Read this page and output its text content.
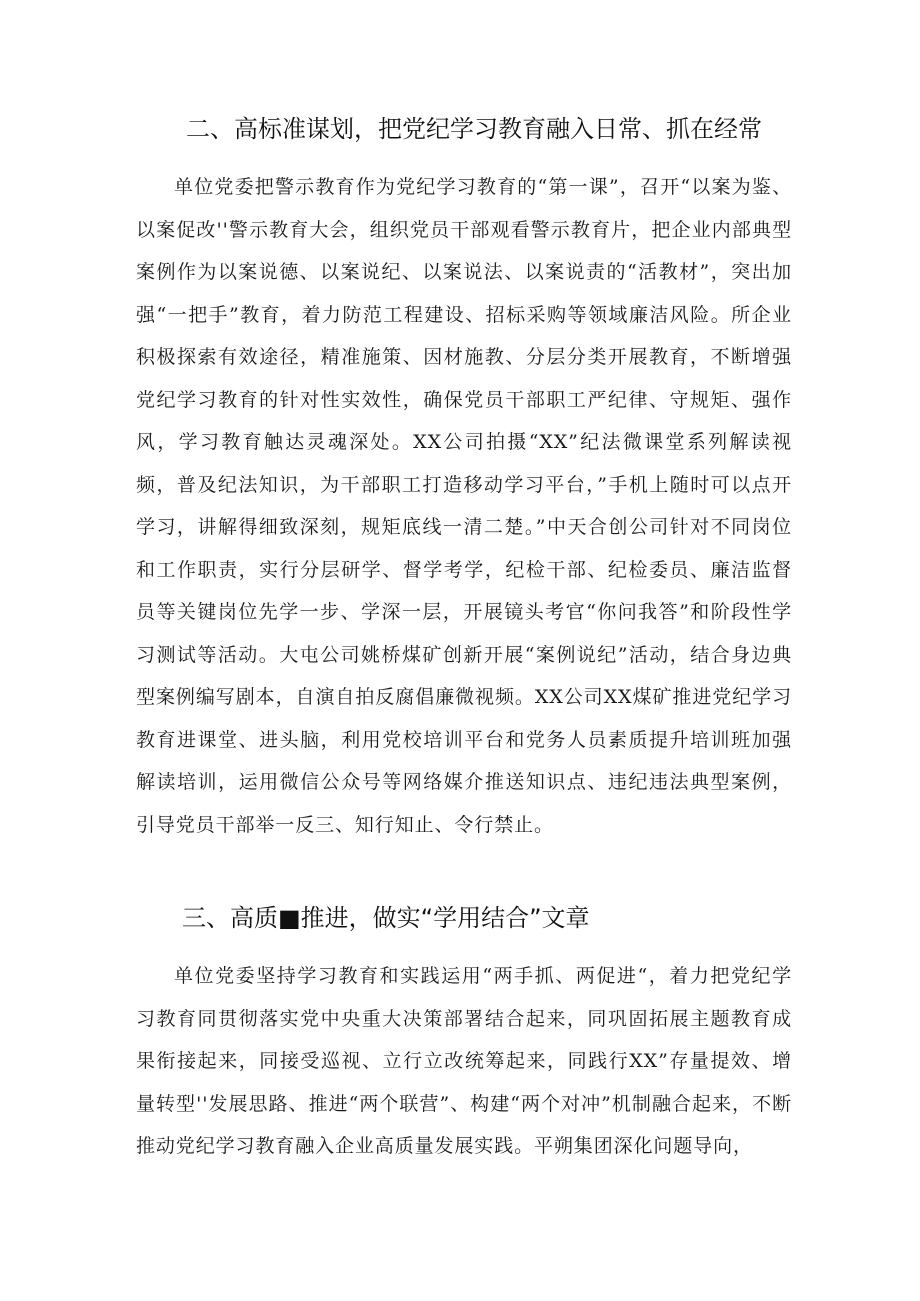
二、高标准谋划，把党纪学习教育融入日常、抓在经常

单位党委把警示教育作为党纪学习教育的“第一课”，召开“以案为鉴、以案促改''警示教育大会，组织党员干部观看警示教育片，把企业内部典型案例作为以案说德、以案说纪、以案说法、以案说责的“活教材”，突出加强“一把手”教育，着力防范工程建设、招标采购等领域廉洁风险。所企业积极探索有效途径，精准施策、因材施教、分层分类开展教育，不断增强党纪学习教育的针对性实效性，确保党员干部职工严纪律、守规矩、强作风，学习教育触达灵魂深处。XX公司拍摄“XX”纪法微课堂系列解读视频，普及纪法知识，为干部职工打造移动学习平台，”手机上随时可以点开学习，讲解得细致深刻，规矩底线一清二楚。”中天合创公司针对不同岗位和工作职责，实行分层研学、督学考学，纪检干部、纪检委员、廉洁监督员等关键岗位先学一步、学深一层，开展镜头考官“你问我答”和阶段性学习测试等活动。大屯公司姚桥煤矿创新开展“案例说纪”活动，结合身边典型案例编写剧本，自演自拍反腐倡廉微视频。XX公司XX煤矿推进党纪学习教育进课堂、进头脑，利用党校培训平台和党务人员素质提升培训班加强解读培训，运用微信公众号等网络媒介推送知识点、违纪违法典型案例，引导党员干部举一反三、知行知止、令行禁止。

三、高质■推进，做实“学用结合”文章

单位党委坚持学习教育和实践运用“两手抓、两促进“，着力把党纪学习教育同贯彻落实党中央重大决策部署结合起来，同巩固拓展主题教育成果衔接起来，同接受巡视、立行立改统筹起来，同践行XX”存量提效、增量转型''发展思路、推进“两个联营”、构建“两个对冲”机制融合起来，不断推动党纪学习教育融入企业高质量发展实践。平朔集团深化问题导向，
